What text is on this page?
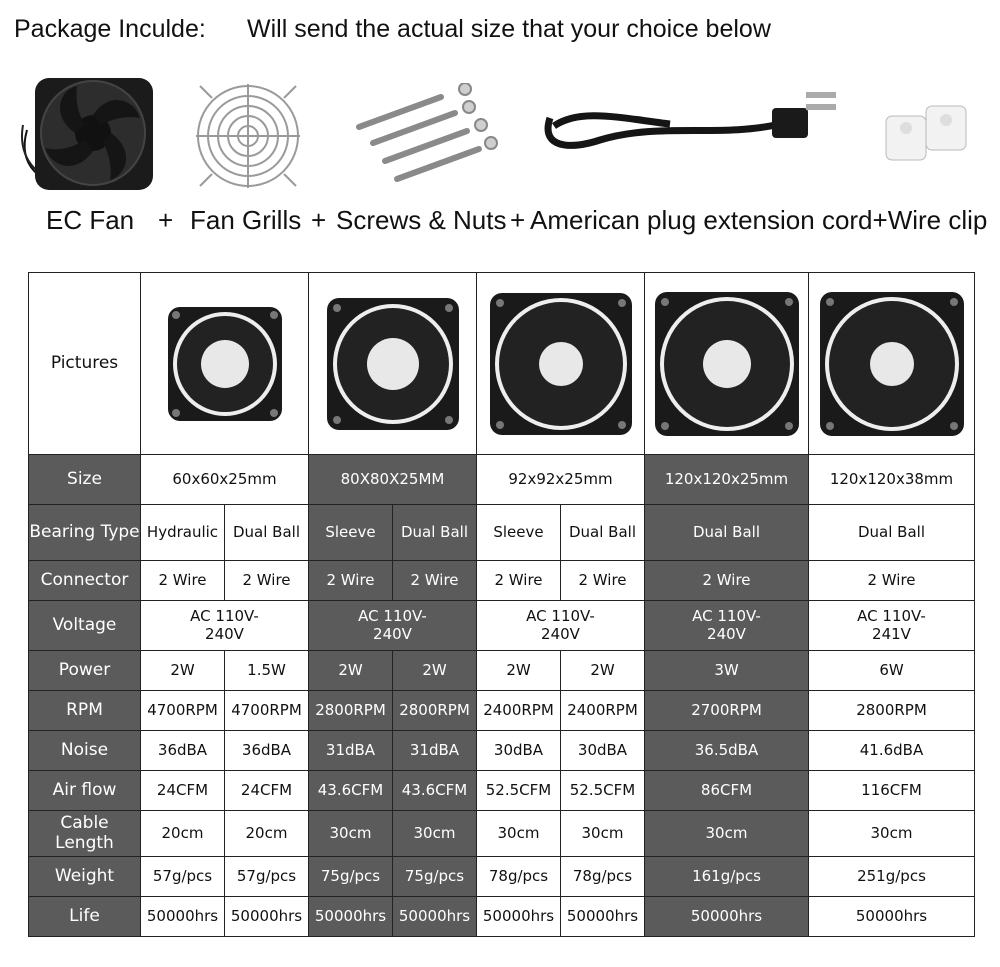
Package Inculde: Will send the actual size that your choice below
EC Fan + Fan Grills + Screws & Nuts + American plug extension cord+Wire clip
Pictures	

Size	60x60x25mm		80X80X25MM		92x92x25mm		120x120x25mm	120x120x38mm
Bearing Type	Hydraulic	Dual Ball	Sleeve	Dual Ball	Sleeve	Dual Ball	Dual Ball	Dual Ball
Connector	2 Wire	2 Wire	2 Wire	2 Wire	2 Wire	2 Wire	2 Wire	2 Wire
Voltage	AC 110V-240V		AC 110V-240V		AC 110V-240V		AC 110V-240V	AC 110V-241V
Power	2W	1.5W	2W	2W	2W	2W	3W	6W
RPM	4700RPM	4700RPM	2800RPM	2800RPM	2400RPM	2400RPM	2700RPM	2800RPM
Noise	36dBA	36dBA	31dBA	31dBA	30dBA	30dBA	36.5dBA	41.6dBA
Air flow	24CFM	24CFM	43.6CFM	43.6CFM	52.5CFM	52.5CFM	86CFM	116CFM
Cable Length	20cm	20cm	30cm	30cm	30cm	30cm	30cm	30cm
Weight	57g/pcs	57g/pcs	75g/pcs	75g/pcs	78g/pcs	78g/pcs	161g/pcs	251g/pcs
Life	50000hrs	50000hrs	50000hrs	50000hrs	50000hrs	50000hrs	50000hrs	50000hrs
